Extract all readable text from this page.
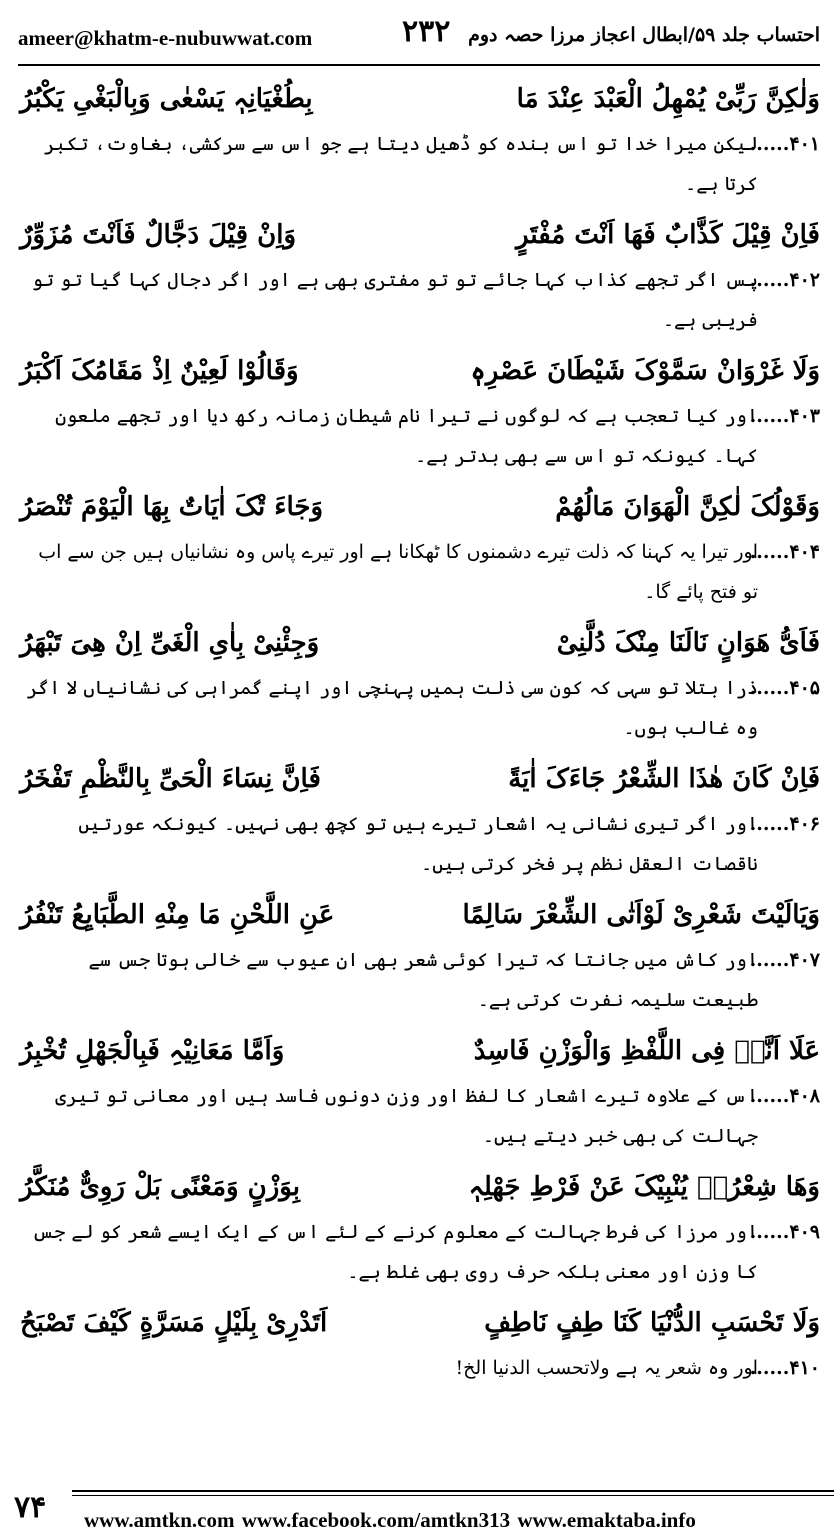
ameer@khatm-e-nubuwwat.com	۲۳۲ احتساب جلد ۵۹/ابطال اعجاز مرزا حصہ دوم
وَلٰکِنَّ رَبِّیْ یُمْهِلُ الْعَبْدَ عِنْدَ مَا
بِطُغْیَانِہٖ یَسْعٰی وَبِالْبَغْیِ یَکْبُرُ
۴۰۱......
لیکن میرا خدا تو اس بندہ کو ڈھیل دیتا ہے جو اس سے سرکشی، بغاوت، تکبر کرتا ہے۔
فَاِنْ قِیْلَ کَذَّابٌ فَهَا اَنْتَ مُفْتَرٍ
وَاِنْ قِیْلَ دَجَّالٌ فَاَنْتَ مُزَوِّرٌ
۴۰۲......
پس اگر تجھے کذاب کہا جائے تو تو مفتری بھی ہے اور اگر دجال کہا گیا تو تو فریبی ہے۔
وَلَا غَرْوَانْ سَمَّوْکَ شَیْطَانَ عَصْرِہٖ
وَقَالُوْا لَعِیْنٌ اِذْ مَقَامُکَ اَکْبَرُ
۴۰۳......
اور کیا تعجب ہے کہ لوگوں نے تیرا نام شیطان زمانہ رکھ دیا اور تجھے ملعون کہا۔ کیونکہ تو اس سے بھی بدتر ہے۔
وَقَوْلُکَ لٰکِنَّ الْهَوَانَ مَالُهُمْ
وَجَاءَ تْکَ اٰیَاتٌ بِهَا الْیَوْمَ تُنْصَرُ
۴۰۴......
اور تیرا یہ کہنا کہ ذلت تیرے دشمنوں کا ٹھکانا ہے اور تیرے پاس وہ نشانیاں ہیں جن سے اب تو فتح پائے گا۔
فَاَیُّ هَوَانٍ نَالَنَا مِنْکَ دُلَّنِیْ
وَجِئْنِیْ بِاٰیِ الْغَیِّ اِنْ هِیَ تَبْهَرُ
۴۰۵......
ذرا بتلا تو سہی کہ کون سی ذلت ہمیں پہنچی اور اپنے گمراہی کی نشانیاں لا اگر وہ غالب ہوں۔
فَاِنْ کَانَ هٰذَا الشِّعْرُ جَاءَکَ اٰیَةً
فَاِنَّ نِسَاءَ الْحَیِّ بِالنَّظْمِ تَفْخَرُ
۴۰۶......
اور اگر تیری نشانی یہ اشعار تیرے ہیں تو کچھ بھی نہیں۔ کیونکہ عورتیں ناقصات العقل نظم پر فخر کرتی ہیں۔
وَیَالَیْتَ شَعْرِیْ لَوْاَتٰی الشِّعْرَ سَالِمًا
عَنِ اللَّحْنِ مَا مِنْهِ الطَّبَایِعُ تَنْفُرُ
۴۰۷......
اور کاش میں جانتا کہ تیرا کوئی شعر بھی ان عیوب سے خالی ہوتا جس سے طبیعت سلیمہ نفرت کرتی ہے۔
عَلَا اَنَّہٗ فِی اللَّفْظِ وَالْوَزْنِ فَاسِدٌ
وَاَمَّا مَعَانِیْہِ فَبِالْجَهْلِ تُخْبِرُ
۴۰۸......
اس کے علاوہ تیرے اشعار کا لفظ اور وزن دونوں فاسد ہیں اور معانی تو تیری جہالت کی بھی خبر دیتے ہیں۔
وَهَا شِعْرُہٗ یُنْبِیْکَ عَنْ فَرْطِ جَهْلِہٖ
بِوَزْنٍ وَمَعْنًی بَلْ رَوِیٌّ مُنَکَّرُ
۴۰۹......
اور مرزا کی فرط جہالت کے معلوم کرنے کے لئے اس کے ایک ایسے شعر کو لے جس کا وزن اور معنی بلکہ حرف روی بھی غلط ہے۔
وَلَا تَحْسَبِ الدُّنْیَا کَنَا طِفٍ نَاطِفٍ
اَتَدْرِیْ بِلَیْلٍ مَسَرَّةٍ کَیْفَ تَصْبَحُ
۴۱۰......
اور وہ شعر یہ ہے ولاتحسب الدنیا الخ!
۷۴ www.amtkn.com www.facebook.com/amtkn313 www.emaktaba.info
